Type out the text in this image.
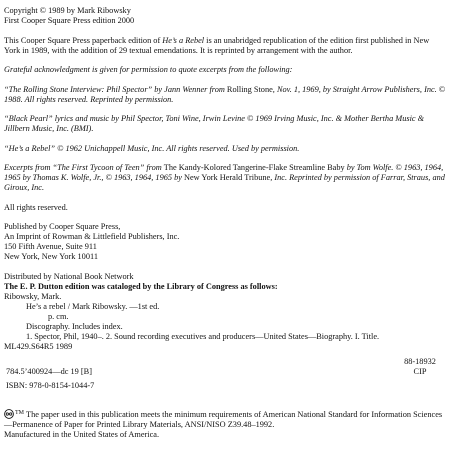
Copyright © 1989 by Mark Ribowsky

First Cooper Square Press edition 2000

This Cooper Square Press paperback edition of He’s a Rebel is an unabridged republication of the edition first published in New York in 1989, with the addition of 29 textual emendations. It is reprinted by arrangement with the author.

Grateful acknowledgment is given for permission to quote excerpts from the following:

“The Rolling Stone Interview: Phil Spector” by Jann Wenner from Rolling Stone, Nov. 1, 1969, by Straight Arrow Publishers, Inc. © 1988. All rights reserved. Reprinted by permission.

“Black Pearl” lyrics and music by Phil Spector, Toni Wine, Irwin Levine © 1969 Irving Music, Inc. & Mother Bertha Music & Jillbern Music, Inc. (BMI).

“He’s a Rebel” © 1962 Unichappell Music, Inc. All rights reserved. Used by permission.

Excerpts from “The First Tycoon of Teen” from The Kandy-Kolored Tangerine-Flake Streamline Baby by Tom Wolfe. © 1963, 1964, 1965 by Thomas K. Wolfe, Jr., © 1963, 1964, 1965 by New York Herald Tribune, Inc. Reprinted by permission of Farrar, Straus, and Giroux, Inc.

All rights reserved.

Published by Cooper Square Press,

An Imprint of Rowman & Littlefield Publishers, Inc.

150 Fifth Avenue, Suite 911

New York, New York 10011

Distributed by National Book Network

The E. P. Dutton edition was cataloged by the Library of Congress as follows:

Ribowsky, Mark.

He’s a rebel / Mark Ribowsky. —1st ed.

p. cm.

Discography. Includes index.

1. Spector, Phil, 1940–. 2. Sound recording executives and producers—United States—Biography. I. Title.

ML429.S64R5 1989

784.5’400924—dc 19 [B]
88-18932
CIP

ISBN: 978-0-8154-1044-7

™ The paper used in this publication meets the minimum requirements of American National Standard for Information Sciences—Permanence of Paper for Printed Library Materials, ANSI/NISO Z39.48–1992.

Manufactured in the United States of America.
